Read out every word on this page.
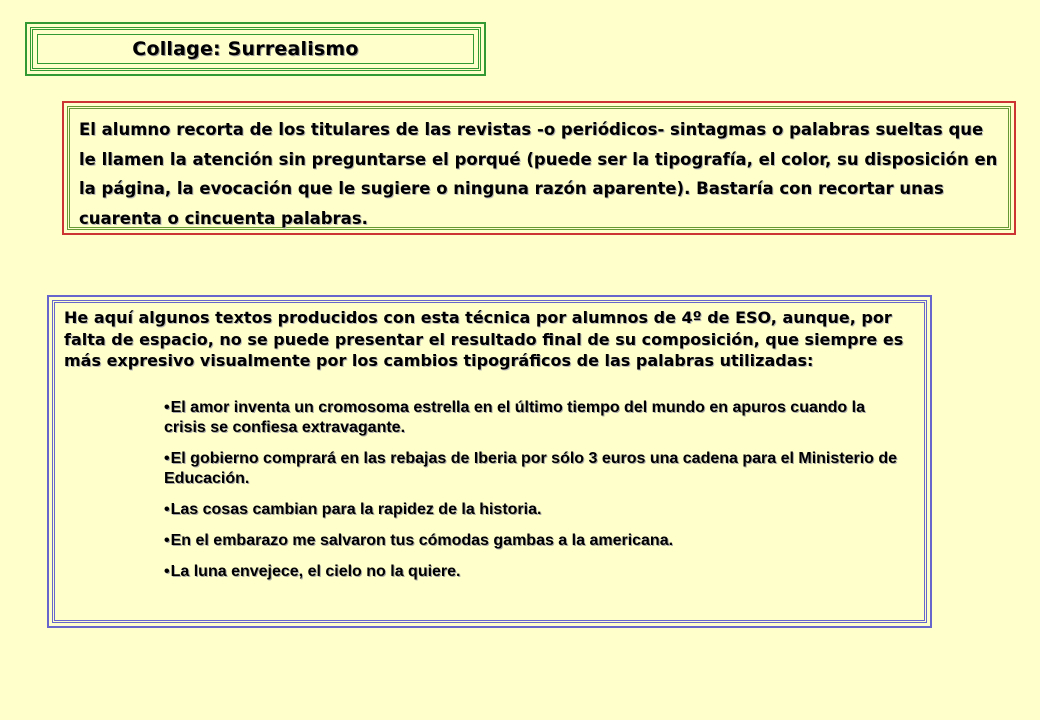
Collage: Surrealismo

El alumno recorta de los titulares de las revistas -o periódicos- sintagmas o palabras sueltas que le llamen la atención sin preguntarse el porqué (puede ser la tipografía, el color, su disposición en la página, la evocación que le sugiere o ninguna razón aparente). Bastaría con recortar unas cuarenta o cincuenta palabras.

He aquí algunos textos producidos con esta técnica por alumnos de 4º de ESO, aunque, por falta de espacio, no se puede presentar el resultado final de su composición, que siempre es más expresivo visualmente por los cambios tipográficos de las palabras utilizadas:

•El amor inventa un cromosoma estrella en el último tiempo del mundo en apuros cuando la crisis se confiesa extravagante.
•El gobierno comprará en las rebajas de Iberia por sólo 3 euros una cadena para el Ministerio de Educación.
•Las cosas cambian para la rapidez de la historia.
•En el embarazo me salvaron tus cómodas gambas a la americana.
•La luna envejece, el cielo no la quiere.
